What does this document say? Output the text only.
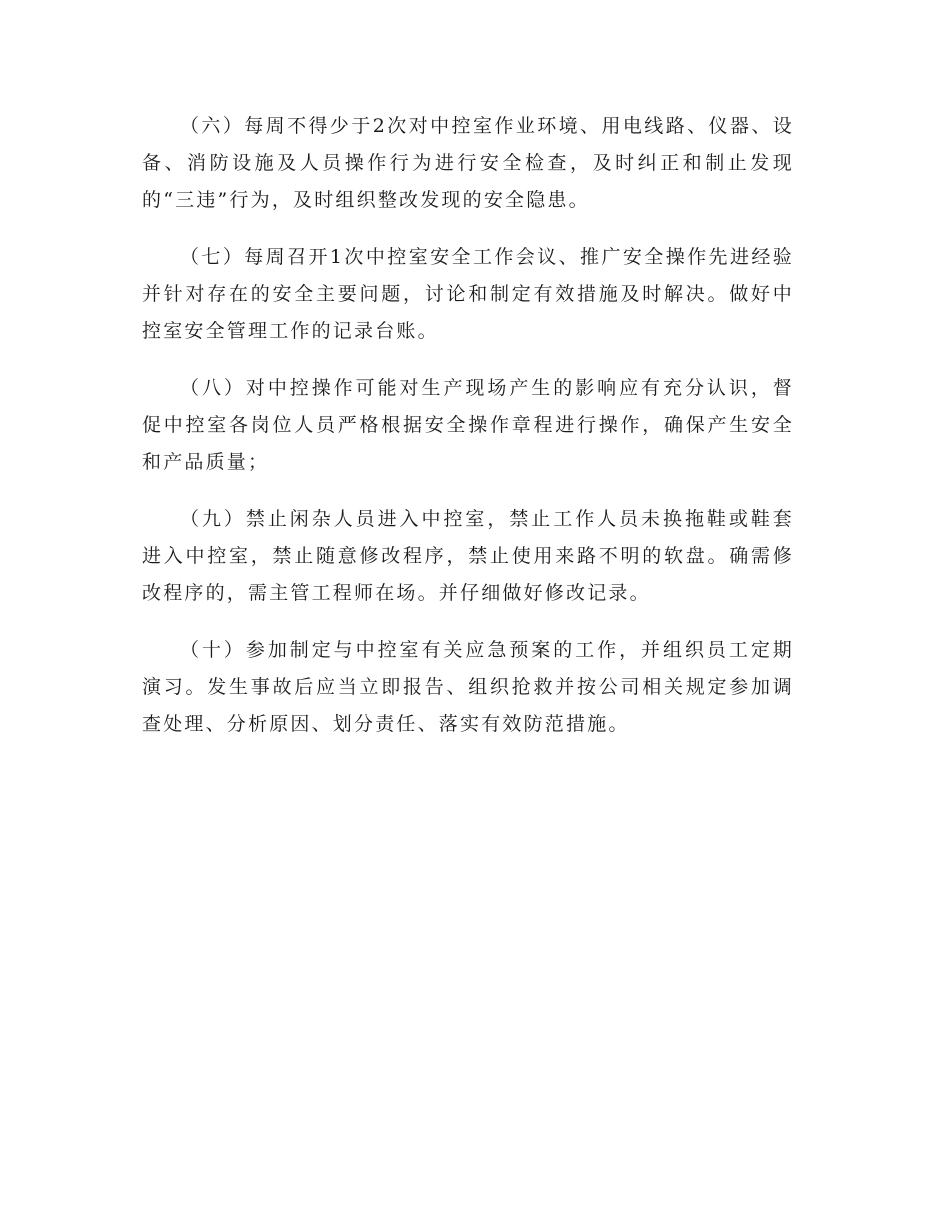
（六）每周不得少于2次对中控室作业环境、用电线路、仪器、设备、消防设施及人员操作行为进行安全检查，及时纠正和制止发现的“三违”行为，及时组织整改发现的安全隐患。

（七）每周召开1次中控室安全工作会议、推广安全操作先进经验并针对存在的安全主要问题，讨论和制定有效措施及时解决。做好中控室安全管理工作的记录台账。

（八）对中控操作可能对生产现场产生的影响应有充分认识，督促中控室各岗位人员严格根据安全操作章程进行操作，确保产生安全和产品质量；

（九）禁止闲杂人员进入中控室，禁止工作人员未换拖鞋或鞋套进入中控室，禁止随意修改程序，禁止使用来路不明的软盘。确需修改程序的，需主管工程师在场。并仔细做好修改记录。

（十）参加制定与中控室有关应急预案的工作，并组织员工定期演习。发生事故后应当立即报告、组织抢救并按公司相关规定参加调查处理、分析原因、划分责任、落实有效防范措施。
